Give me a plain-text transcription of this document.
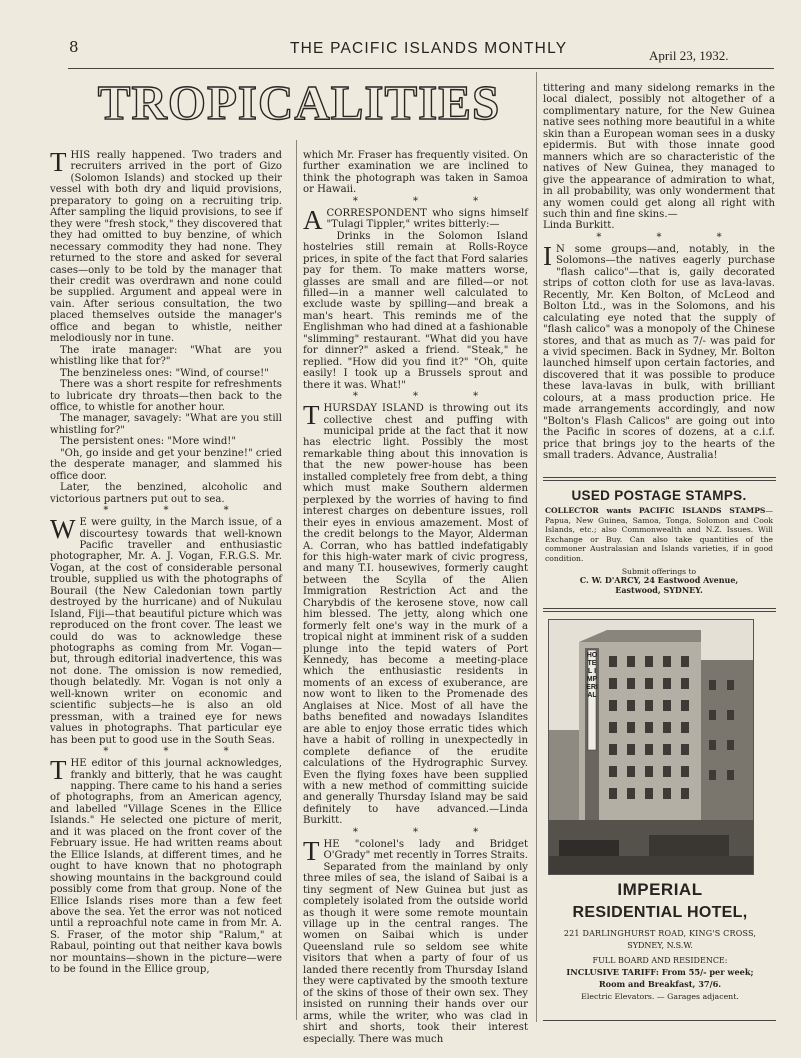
8	THE PACIFIC ISLANDS MONTHLY	April 23, 1932.
TROPICALITIES

THIS really happened. Two traders and recruiters arrived in the port of Gizo (Solomon Islands) and stocked up their vessel with both dry and liquid provisions, preparatory to going on a recruiting trip. After sampling the liquid provisions, to see if they were "fresh stock," they discovered that they had omitted to buy benzine, of which necessary commodity they had none. They returned to the store and asked for several cases—only to be told by the manager that their credit was overdrawn and none could be supplied. Argument and appeal were in vain. After serious consultation, the two placed themselves outside the manager's office and began to whistle, neither melodiously nor in tune.

The irate manager: "What are you whistling like that for?"

The benzineless ones: "Wind, of course!"

There was a short respite for refreshments to lubricate dry throats—then back to the office, to whistle for another hour.

The manager, savagely: "What are you still whistling for?"

The persistent ones: "More wind!"

"Oh, go inside and get your benzine!" cried the desperate manager, and slammed his office door.

Later, the benzined, alcoholic and victorious partners put out to sea.

* * *

W E were guilty, in the March issue, of a discourtesy towards that well-known Pacific traveller and enthusiastic photographer, Mr. A. J. Vogan, F.R.G.S. Mr. Vogan, at the cost of considerable personal trouble, supplied us with the photographs of Bourail (the New Caledonian town partly destroyed by the hurricane) and of Nukulau Island, Fiji—that beautiful picture which was reproduced on the front cover. The least we could do was to acknowledge these photographs as coming from Mr. Vogan—but, through editorial inadvertence, this was not done. The omission is now remedied, though belatedly. Mr. Vogan is not only a well-known writer on economic and scientific subjects—he is also an old pressman, with a trained eye for news values in photographs. That particular eye has been put to good use in the South Seas.

* * *

THE editor of this journal acknowledges, frankly and bitterly, that he was caught napping. There came to his hand a series of photographs, from an American agency, and labelled "Village Scenes in the Ellice Islands." He selected one picture of merit, and it was placed on the front cover of the February issue. He had written reams about the Ellice Islands, at different times, and he ought to have known that no photograph showing mountains in the background could possibly come from that group. None of the Ellice Islands rises more than a few feet above the sea. Yet the error was not noticed until a reproachful note came in from Mr. A. S. Fraser, of the motor ship "Ralum," at Rabaul, pointing out that neither kava bowls nor mountains—shown in the picture—were to be found in the Ellice group,

which Mr. Fraser has frequently visited. On further examination we are inclined to think the photograph was taken in Samoa or Hawaii.

* * *

ACORRESPONDENT who signs himself "Tulagi Tippler," writes bitterly:—

Drinks in the Solomon Island hostelries still remain at Rolls-Royce prices, in spite of the fact that Ford salaries pay for them. To make matters worse, glasses are small and are filled—or not filled—in a manner well calculated to exclude waste by spilling—and break a man's heart. This reminds me of the Englishman who had dined at a fashionable "slimming" restaurant. "What did you have for dinner?" asked a friend. "Steak," he replied. "How did you find it?" "Oh, quite easily! I took up a Brussels sprout and there it was. What!"

* * *

THURSDAY ISLAND is throwing out its collective chest and puffing with municipal pride at the fact that it now has electric light. Possibly the most remarkable thing about this innovation is that the new power-house has been installed completely free from debt, a thing which must make Southern aldermen perplexed by the worries of having to find interest charges on debenture issues, roll their eyes in envious amazement. Most of the credit belongs to the Mayor, Alderman A. Corran, who has battled indefatigably for this high-water mark of civic progress, and many T.I. housewives, formerly caught between the Scylla of the Alien Immigration Restriction Act and the Charybdis of the kerosene stove, now call him blessed. The jetty, along which one formerly felt one's way in the murk of a tropical night at imminent risk of a sudden plunge into the tepid waters of Port Kennedy, has become a meeting-place which the enthusiastic residents in moments of an excess of exuberance, are now wont to liken to the Promenade des Anglaises at Nice. Most of all have the baths benefited and nowadays Islandites are able to enjoy those erratic tides which have a habit of rolling in unexpectedly in complete defiance of the erudite calculations of the Hydrographic Survey. Even the flying foxes have been supplied with a new method of committing suicide and generally Thursday Island may be said definitely to have advanced.—Linda Burkitt.

* * *

THE "colonel's lady and Bridget O'Grady" met recently in Torres Straits. Separated from the mainland by only three miles of sea, the island of Saibai is a tiny segment of New Guinea but just as completely isolated from the outside world as though it were some remote mountain village up in the central ranges. The women on Saibai which is under Queensland rule so seldom see white visitors that when a party of four of us landed there recently from Thursday Island they were captivated by the smooth texture of the skins of those of their own sex. They insisted on running their hands over our arms, while the writer, who was clad in shirt and shorts, took their interest especially. There was much

tittering and many sidelong remarks in the local dialect, possibly not altogether of a complimentary nature, for the New Guinea native sees nothing more beautiful in a white skin than a European woman sees in a dusky epidermis. But with those innate good manners which are so characteristic of the natives of New Guinea, they managed to give the appearance of admiration to what, in all probability, was only wonderment that any women could get along all right with such thin and fine skins.—

Linda Burkitt.

* * *

I N some groups—and, notably, in the Solomons—the natives eagerly purchase "flash calico"—that is, gaily decorated strips of cotton cloth for use as lava-lavas. Recently, Mr. Ken Bolton, of McLeod and Bolton Ltd., was in the Solomons, and his calculating eye noted that the supply of "flash calico" was a monopoly of the Chinese stores, and that as much as 7/- was paid for a vivid specimen. Back in Sydney, Mr. Bolton launched himself upon certain factories, and discovered that it was possible to produce these lava-lavas in bulk, with brilliant colours, at a mass production price. He made arrangements accordingly, and now "Bolton's Flash Calicos" are going out into the Pacific in scores of dozens, at a c.i.f. price that brings joy to the hearts of the small traders. Advance, Australia!

USED POSTAGE STAMPS.
COLLECTOR wants PACIFIC ISLANDS STAMPS—Papua, New Guinea, Samoa, Tonga, Solomon and Cook Islands, etc.; also Commonwealth and N.Z. Issues. Will Exchange or Buy. Can also take quantities of the commoner Australasian and Islands varieties, if in good condition.
Submit offerings to
C. W. D'ARCY, 24 Eastwood Avenue,
Eastwood, SYDNEY.
HOTEL IMPERIAL
IMPERIAL
RESIDENTIAL HOTEL,
221 DARLINGHURST ROAD, KING'S CROSS,
SYDNEY, N.S.W.
FULL BOARD AND RESIDENCE:
INCLUSIVE TARIFF: From 55/- per week;
Room and Breakfast, 37/6.
Electric Elevators. — Garages adjacent.
